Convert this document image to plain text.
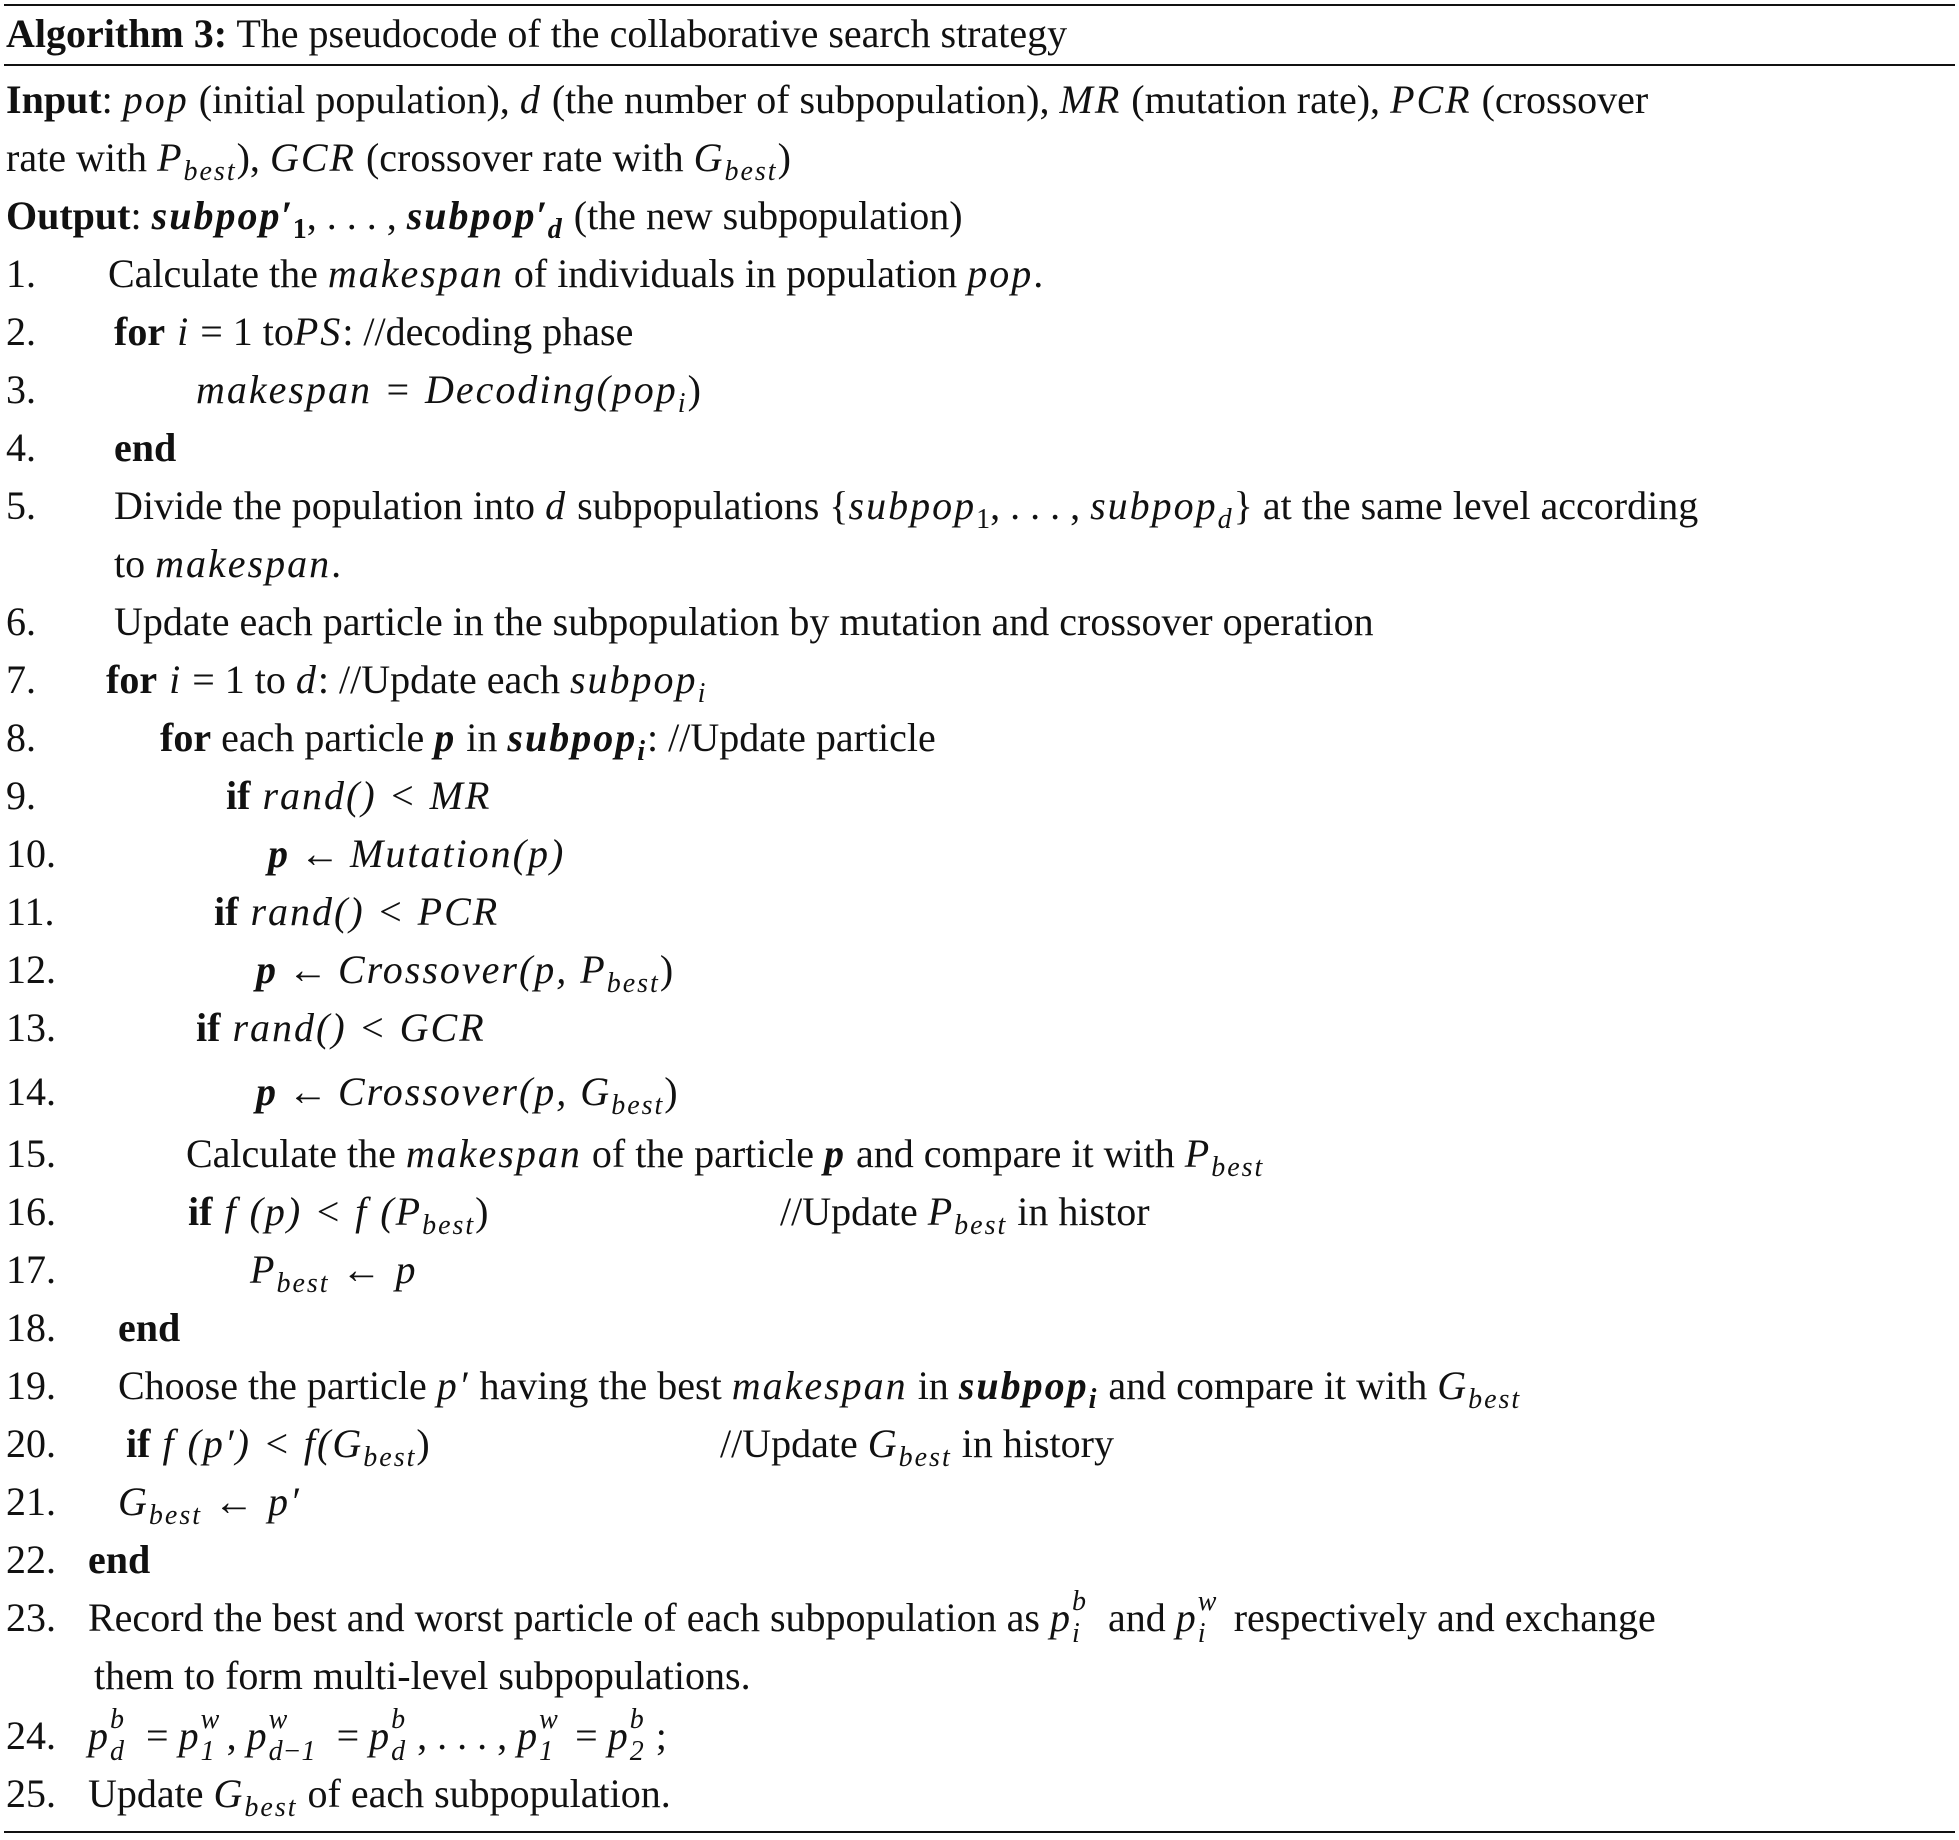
Algorithm 3: The pseudocode of the collaborative search strategy
Input: pop (initial population), d (the number of subpopulation), MR (mutation rate), PCR (crossover
rate with $P_{best}$), GCR (crossover rate with $G_{best}$)
Output: $subpop'_1$, . . . , $subpop'_d$ (the new subpopulation)
1. Calculate the makespan of individuals in population pop.
2. for i = 1 toPS: //decoding phase
3.	makespan = Decoding(pop$_i$)
4. end
5. Divide the population into d subpopulations {subpop$_1$, . . . , subpop$_d$} at the same level according
to makespan.
6. Update each particle in the subpopulation by mutation and crossover operation
7. for i = 1 to d: //Update each subpop$_i$
8.	for each particle p in subpop$_i$: //Update particle
9.	if rand() < MR
10.	p ← Mutation(p)
11.	if rand() < PCR
12.	p ← Crossover(p, $P_{best}$)
13.	if rand() < GCR
14.	p ← Crossover(p, $G_{best}$)
15.	Calculate the makespan of the particle p and compare it with $P_{best}$
16.	if f (p) < f $(P_{best})$	//Update $P_{best}$ in histor
17.	$P_{best}$ ← p
18. end
19. Choose the particle p′ having the best makespan in subpop$_i$ and compare it with $G_{best}$
20. if f $(p') < f(G_{best})$	//Update $G_{best}$ in history
21. $G_{best}$ ← p′
22. end
23. Record the best and worst particle of each subpopulation as p b
i and p w
i respectively and exchange
them to form multi-level subpopulations.
24. p b
d = p w
1 , p w
d−1 = p b
d , . . . , p w
1 = p b
2 ;
25. Update $G_{best}$ of each subpopulation.
